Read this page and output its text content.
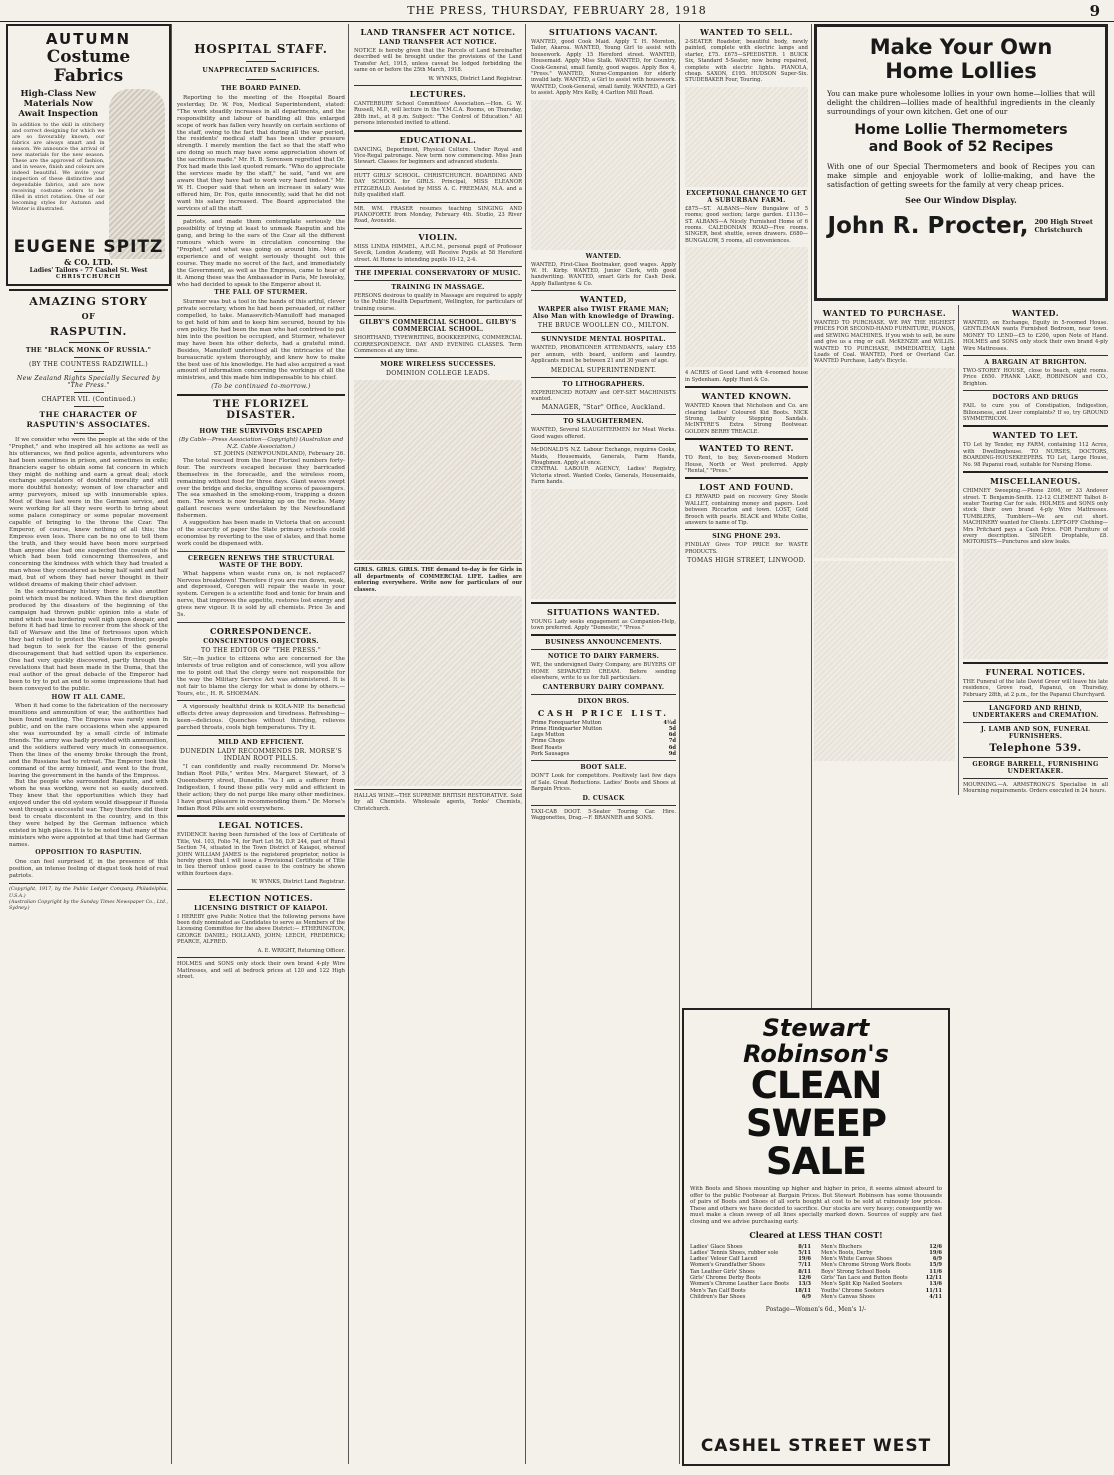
THE PRESS, THURSDAY, FEBRUARY 28, 1918	9
AUTUMN
Costume Fabrics
High-Class New Materials Now Await Inspection
In addition to the skill in stitchery and correct designing for which we are so favourably known, our fabrics are always smart and in season. We announce the arrival of new materials for the new season. These are the approved of fashion, and in weave, finish and colours are indeed beautiful. We invite your inspection of these distinctive and dependable fabrics, and are now receiving costume orders to be filled in strict rotation. One of our becoming styles for Autumn and Winter is illustrated.
EUGENE SPITZ
& CO. LTD.
Ladies' Tailors - 77 Cashel St. West
CHRISTCHURCH
AMAZING STORY
OF
RASPUTIN.
THE "BLACK MONK OF RUSSIA."
(BY THE COUNTESS RADZIWILL.)
New Zealand Rights Specially Secured by "The Press."
CHAPTER VII. (Continued.)
THE CHARACTER OF RASPUTIN'S ASSOCIATES.

If we consider who were the people at the side of the "Prophet," and who inspired all his actions as well as his utterances, we find police agents, adventurers who had been sometimes in prison, and sometimes in exile; financiers eager to obtain some fat concern in which they might do nothing and earn a great deal; stock exchange speculators of doubtful morality and still more doubtful honesty; women of low character and army purveyors, mixed up with innumerable spies. Most of these last were in the German service, and were working for all they were worth to bring about some palace conspiracy or some popular movement capable of bringing to the throne the Czar. The Emperor, of course, knew nothing of all this; the Empress even less. There can be no one to tell them the truth, and they would have been more surprised than anyone else had one suspected the cousin of his which had been told concerning themselves, and concerning the kindness with which they had treated a man whose they considered as being half saint and half mad, but of whom they had never thought in their wildest dreams of making their chief adviser.

In the extraordinary history there is also another point which must be noticed. When the first disruption produced by the disasters of the beginning of the campaign had thrown public opinion into a state of mind which was bordering well nigh upon despair, and before it had had time to recover from the shock of the fall of Warsaw and the line of fortresses upon which they had relied to protect the Western frontier, people had begun to seek for the cause of the general discouragement that had settled upon its experience. One had very quickly discovered, partly through the revelations that had been made in the Duma, that the real author of the great debacle of the Emperor had been to try to put an end to some impressions that had been conveyed to the public.

HOW IT ALL CAME.

When it had come to the fabrication of the necessary munitions and ammunition of war, the authorities had been found wanting. The Empress was rarely seen in public, and on the rare occasions when she appeared she was surrounded by a small circle of intimate friends. The army was badly provided with ammunition, and the soldiers suffered very much in consequence. Then the lines of the enemy broke through the front, and the Russians had to retreat. The Emperor took the command of the army himself, and went to the front, leaving the government in the hands of the Empress.

But the people who surrounded Rasputin, and with whom he was working, were not so easily deceived. They knew that the opportunities which they had enjoyed under the old system would disappear if Russia went through a successful war. They therefore did their best to create discontent in the country, and in this they were helped by the German influence which existed in high places. It is to be noted that many of the ministers who were appointed at that time had German names.

OPPOSITION TO RASPUTIN.

One can feel surprised if, in the presence of this position, an intense feeling of disgust took hold of real patriots.

(Copyright, 1917, by the Public Ledger Company, Philadelphia, U.S.A.)
(Australian Copyright by the Sunday Times Newspaper Co., Ltd., Sydney.)
HOSPITAL STAFF.
UNAPPRECIATED SACRIFICES.
THE BOARD PAINED.

Reporting to the meeting of the Hospital Board yesterday, Dr. W. Fox, Medical Superintendent, stated: "The work steadily increases in all departments, and the responsibility and labour of handling all this enlarged scope of work has fallen very heavily on certain sections of the staff, owing to the fact that during all the war period, the residents' medical staff has been under pressure strength. I merely mention the fact so that the staff who are doing so much may have some appreciation shown of the sacrifices made." Mr. H. B. Sorensen regretted that Dr. Fox had made this last quoted remark. "Who do appreciate the services made by the staff," he said, "and we are aware that they have had to work very hard indeed." Mr. W. H. Cooper said that when an increase in salary was offered him, Dr. Fox, quite innocently, said that he did not want his salary increased. The Board appreciated the services of all the staff.

patriots, and made them contemplate seriously the possibility of trying at least to unmask Rasputin and his gang, and bring to the ears of the Czar all the different rumours which were in circulation concerning the "Prophet," and what was going on around him. Men of experience and of weight seriously thought out this course. They made no secret of the fact, and immediately the Government, as well as the Empress, came to hear of it. Among these was the Ambassador in Paris, Mr Iswolsky, who had decided to speak to the Emperor about it.

THE FALL OF STURMER.

Sturmer was but a tool in the hands of this artful, clever private secretary, whom he had been persuaded, or rather compelled, to take. Manasevitch-Manuiloff had managed to get hold of him and to keep him secured, bound by his own policy. He had been the man who had contrived to put him into the position he occupied, and Sturmer, whatever may have been his other defects, had a grateful mind. Besides, Manuiloff understood all the intricacies of the bureaucratic system thoroughly, and knew how to make the best use of his knowledge. He had also acquired a vast amount of information concerning the workings of all the ministries, and this made him indispensable to his chief.

(To be continued to-morrow.)
THE FLORIZEL
DISASTER.
HOW THE SURVIVORS ESCAPED
(By Cable—Press Association—Copyright) (Australian and N.Z. Cable Association.)
ST. JOHNS (NEWFOUNDLAND), February 26.

The total rescued from the liner Florizel numbers forty-four. The survivors escaped because they barricaded themselves in the forecastle, and the wireless room, remaining without food for three days. Giant waves swept over the bridge and decks, engulfing scores of passengers. The sea smashed in the smoking-room, trapping a dozen men. The wreck is now breaking up on the rocks. Many gallant rescues were undertaken by the Newfoundland fishermen.

A suggestion has been made in Victoria that on account of the scarcity of paper the State primary schools could economise by reverting to the use of slates, and that home work could be dispensed with.

CEREGEN RENEWS THE STRUCTURAL WASTE OF THE BODY.

What happens when waste runs on, is not replaced? Nervous breakdown! Therefore if you are run down, weak, and depressed, Ceregen will repair the waste in your system. Ceregen is a scientific food and tonic for brain and nerve, that improves the appetite, restores lost energy and gives new vigour. It is sold by all chemists. Price 3s and 5s.

CORRESPONDENCE.
CONSCIENTIOUS OBJECTORS.
TO THE EDITOR OF "THE PRESS."

Sir,—In justice to citizens who are concerned for the interests of true religion and of conscience, will you allow me to point out that the clergy were not responsible for the way the Military Service Act was administered. It is not fair to blame the clergy for what is done by others.—Yours, etc., H. R. SHOEMAN.

A vigorously healthful drink is KOLA-NIP. Its beneficial effects drive away depression and tiredness. Refreshing—keen—delicious. Quenches without thirsting, relieves parched throats, cools high temperatures. Try it.

MILD AND EFFICIENT.
DUNEDIN LADY RECOMMENDS DR. MORSE'S INDIAN ROOT PILLS.

"I can confidently and really recommend Dr. Morse's Indian Root Pills," writes Mrs. Margaret Stewart, of 3 Queensberry street, Dunedin. "As I am a sufferer from Indigestion, I found these pills very mild and efficient in their action; they do not purge like many other medicines. I have great pleasure in recommending them." Dr. Morse's Indian Root Pills are sold everywhere.

LEGAL NOTICES.

EVIDENCE having been furnished of the loss of Certificate of Title, Vol. 103, Folio 74, for Part Lot 56, D.P. 244, part of Rural Section 74, situated in the Town District of Kaiapoi, whereof JOHN WILLIAM JAMES is the registered proprietor, notice is hereby given that I will issue a Provisional Certificate of Title in lieu thereof unless good cause to the contrary be shown within fourteen days.

W. WYNKS, District Land Registrar.
ELECTION NOTICES.
LICENSING DISTRICT OF KAIAPOI.

I HEREBY give Public Notice that the following persons have been duly nominated as Candidates to serve as Members of the Licensing Committee for the above District:— ETHERINGTON, GEORGE DANIEL; HOLLAND, JOHN; LEECH, FREDERICK; PEARCE, ALFRED.

A. E. WRIGHT, Returning Officer.
HOLMES and SONS only stock their own brand 4-ply Wire Mattresses, and sell at bedrock prices at 120 and 122 High street.
LAND TRANSFER ACT NOTICE.
LAND TRANSFER ACT NOTICE.

NOTICE is hereby given that the Parcels of Land hereinafter described will be brought under the provisions of the Land Transfer Act, 1915, unless caveat be lodged forbidding the same on or before the 25th March, 1918.

W. WYNKS, District Land Registrar.
LECTURES.
CANTERBURY School Committees' Association.—Hon. G. W. Russell, M.P., will lecture in the Y.M.C.A. Rooms, on Thursday, 28th inst., at 8 p.m. Subject: "The Control of Education." All persons interested invited to attend.
EDUCATIONAL.

DANCING, Deportment, Physical Culture. Under Royal and Vice-Regal patronage. New term now commencing. Miss Jean Stewart. Classes for beginners and advanced students.

HUTT GIRLS' SCHOOL. CHRISTCHURCH. BOARDING AND DAY SCHOOL for GIRLS. Principal, MISS ELEANOR FITZGERALD. Assisted by MISS A. C. FREEMAN, M.A. and a fully qualified staff.

MR. WM. FRASER resumes teaching SINGING AND PIANOFORTE from Monday, February 4th. Studio, 23 River Road, Avonside.

VIOLIN.
MISS LINDA HIMMEL, A.R.C.M., personal pupil of Professor Sevcik, London Academy, will Receive Pupils at 58 Hereford street. At Home to intending pupils 10-12, 2-4.
THE IMPERIAL CONSERVATORY OF MUSIC.
TRAINING IN MASSAGE.
PERSONS desirous to qualify in Massage are required to apply to the Public Health Department, Wellington, for particulars of training course.
GILBY'S COMMERCIAL SCHOOL. GILBY'S COMMERCIAL SCHOOL.
SHORTHAND, TYPEWRITING, BOOKKEEPING, COMMERCIAL CORRESPONDENCE. DAY AND EVENING CLASSES. Term Commences at any time.
MORE WIRELESS SUCCESSES.
DOMINION COLLEGE LEADS.
GIRLS. GIRLS. GIRLS. THE demand to-day is for Girls in all departments of COMMERCIAL LIFE. Ladies are entering everywhere. Write now for particulars of our classes.
HALLAS WINE—THE SUPREME BRITISH RESTORATIVE. Sold by all Chemists. Wholesale agents, Tonks' Chemists, Christchurch.
SITUATIONS VACANT.
WANTED, good Cook Maid. Apply T. H. Moreton, Tailor, Akaroa. WANTED, Young Girl to assist with housework. Apply 15 Hereford street. WANTED, Housemaid. Apply Miss Stalk. WANTED, for Country, Cook-General, small family, good wages. Apply Box 4, "Press." WANTED, Nurse-Companion for elderly invalid lady. WANTED, a Girl to assist with housework. WANTED, Cook-General, small family. WANTED, a Girl to assist. Apply Mrs Kelly, 4 Carlton Mill Road.
WANTED.
WANTED, First-Class Bootmaker, good wages. Apply W. H. Kirby. WANTED, Junior Clerk, with good handwriting. WANTED, smart Girls for Cash Desk. Apply Ballantyne & Co.
WANTED,
WARPER also TWIST FRAME MAN; Also Man with knowledge of Drawing.
THE BRUCE WOOLLEN CO., MILTON.
SUNNYSIDE MENTAL HOSPITAL.
WANTED, PROBATIONER ATTENDANTS, salary £55 per annum, with board, uniform and laundry. Applicants must be between 21 and 30 years of age.
MEDICAL SUPERINTENDENT.
TO LITHOGRAPHERS.
EXPERIENCED ROTARY and OFF-SET MACHINISTS wanted.
MANAGER, "Star" Office, Auckland.
TO SLAUGHTERMEN.
WANTED, Several SLAUGHTERMEN for Meat Works. Good wages offered.
McDONALD'S N.Z. Labour Exchange, requires Cooks, Maids, Housemaids, Generals, Farm Hands, Ploughmen. Apply at once.
CENTRAL LABOUR AGENCY, Ladies' Registry, Victoria street. Wanted Cooks, Generals, Housemaids, Farm hands.
SITUATIONS WANTED.
YOUNG Lady seeks engagement as Companion-Help, town preferred. Apply "Domestic," "Press."
BUSINESS ANNOUNCEMENTS.
NOTICE TO DAIRY FARMERS.
WE, the undersigned Dairy Company, are BUYERS OF HOME SEPARATED CREAM. Before sending elsewhere, write to us for full particulars.
CANTERBURY DAIRY COMPANY.
DIXON BROS.
CASH PRICE LIST.
Prime Forequarter Mutton	4½d
Prime Hindquarter Mutton	5d
Legs Mutton	6d
Prime Chops	7d
Beef Roasts	6d
Pork Sausages	9d
BOOT SALE.
DON'T Look for competitors. Positively last few days of Sale. Great Reductions. Ladies' Boots and Shoes at Bargain Prices.
D. CUSACK
TAXI-CAB DOOT. 5-Seater Touring Car. Hire. Waggonettes, Drag.—F. BRANNER and SONS.
WANTED TO SELL.
2-SEATER Roadster, beautiful body, newly painted, complete with electric lamps and starter, £75. £675—SPEEDSTER. 1 BUICK Six, Standard 5-Seater, now being repaired, complete with electric lights. PIANOLA, cheap. SAXON, £195. HUDSON Super-Six. STUDEBAKER Four, Touring.
EXCEPTIONAL CHANCE TO GET A SUBURBAN FARM.
£875—ST. ALBANS—New Bungalow of 5 rooms; good section; large garden. £1150—ST. ALBANS—A Nicely Furnished Home of 6 rooms. CALEDONIAN ROAD—Five rooms. SINGER, best shuttle, seven drawers. £680—BUNGALOW, 5 rooms, all conveniences.
4 ACRES of Good Land with 4-roomed house in Sydenham. Apply Hunt & Co.
WANTED KNOWN.
WANTED Known that Nicholson and Co. are clearing ladies' Coloured Kid Boots. NICK Strong, Dainty Stepping Sandals. McINTYRE'S Extra Strong Bootwear. GOLDEN BERRY TREACLE.
WANTED TO RENT.
TO Rent, to buy, Seven-roomed Modern House, North or West preferred. Apply "Rental," "Press."
LOST AND FOUND.
£3 REWARD paid on recovery Grey Steele WALLET, containing money and papers. Lost between Riccarton and town. LOST, Gold Brooch with pearls. BLACK and White Collie, answers to name of Tip.
SING PHONE 293.
FINDLAY Gives TOP PRICE for WASTE PRODUCTS.
TOMAS HIGH STREET, LINWOOD.
Stewart Robinson's
CLEAN SWEEP SALE
With Boots and Shoes mounting up higher and higher in price, it seems almost absurd to offer to the public Footwear at Bargain Prices. But Stewart Robinson has some thousands of pairs of Boots and Shoes of all sorts bought at cost to be sold at ruinously low prices. These and others we have decided to sacrifice. Our stocks are very heavy; consequently we must make a clean sweep of all lines specially marked down. Sources of supply are fast closing and we advise purchasing early.
Cleared at LESS THAN COST!
Ladies' Glace Shoes	8/11
Ladies' Tennis Shoes, rubber sole	5/11
Ladies' Velour Calf Laced	19/6
Women's Grandfather Shoes	7/11
Tan Leather Girls' Shoes	8/11
Girls' Chrome Derby Boots	12/6
Women's Chrome Leather Lace Boots 13/3
Men's Tan Calf Boots	18/11
Children's Bar Shoes	6/9
Men's Bluchers	12/6
Men's Boots, Derby	19/6
Men's White Canvas Shoes	6/9
Men's Chrome Strong Work Boots	15/9
Boys' Strong School Boots	11/6
Girls' Tan Lace and Button Boots	12/11
Men's Split Kip Nailed Sooters	13/6
Youths' Chrome Sooters	11/11
Men's Canvas Shoes	4/11
Postage—Women's 6d., Men's 1/-
CASHEL STREET WEST
Make Your Own
Home Lollies
You can make pure wholesome lollies in your own home—lollies that will delight the children—lollies made of healthful ingredients in the cleanly surroundings of your own kitchen. Get one of our
Home Lollie Thermometers
and Book of 52 Recipes
With one of our Special Thermometers and book of Recipes you can make simple and enjoyable work of lollie-making, and have the satisfaction of getting sweets for the family at very cheap prices.
See Our Window Display.
John R. Procter, 200 High Street Christchurch
WANTED TO PURCHASE.
WANTED TO PURCHASE. WE PAY THE HIGHEST PRICES FOR SECOND-HAND FURNITURE, PIANOS, and SEWING MACHINES. If you wish to sell, be sure and give us a ring or call. McKENZIE and WILLIS. WANTED TO PURCHASE, IMMEDIATELY, Light Loads of Coal. WANTED, Ford or Overland Car. WANTED Purchase, Lady's Bicycle.
WANTED.
WANTED, on Exchange, Equity in 5-roomed House. GENTLEMAN wants Furnished Bedroom, near town. MONEY TO LEND—£5 to £200, upon Note of Hand. HOLMES and SONS only stock their own brand 4-ply Wire Mattresses.
A BARGAIN AT BRIGHTON.
TWO-STOREY HOUSE, close to beach, eight rooms. Price £650. FRANK LAKE, ROBINSON and CO., Brighton.
DOCTORS AND DRUGS
FAIL to cure you of Constipation, Indigestion, Biliousness, and Liver complaints? If so, try GROUND SYMMETRICON.
WANTED TO LET.
TO Let by Tender, my FARM, containing 112 Acres, with Dwellinghouse. TO NURSES, DOCTORS, BOARDING-HOUSEKEEPERS. TO Let, Large House, No. 98 Papanui road, suitable for Nursing Home.
MISCELLANEOUS.
CHIMNEY Sweeping.—Phone 2096, or 33 Andover street. T. Benjamin-Smith. 12-12 CLEMENT Talbot 8-seater Touring Car for sale. HOLMES and SONS only stock their own brand 4-ply Wire Mattresses. TUMBLERS, Tumblers—We are cut short. MACHINERY wanted for Clients. LEFT-OFF Clothing—Mrs Pritchard pays a Cash Price. FOR Furniture of every description. SINGER Droptable, £8. MOTORISTS—Punctures and slow leaks.
FUNERAL NOTICES.
THE Funeral of the late David Greer will leave his late residence, Grove road, Papanui, on Thursday, February 28th, at 2 p.m., for the Papanui Churchyard.
LANGFORD AND RHIND, UNDERTAKERS and CREMATION.
J. LAMB AND SON, FUNERAL FURNISHERS.
Telephone 539.
GEORGE BARRELL, FURNISHING UNDERTAKER.
MOURNING.—A. ARMSTRONG'S Specialise in all Mourning requirements. Orders executed in 24 hours.
